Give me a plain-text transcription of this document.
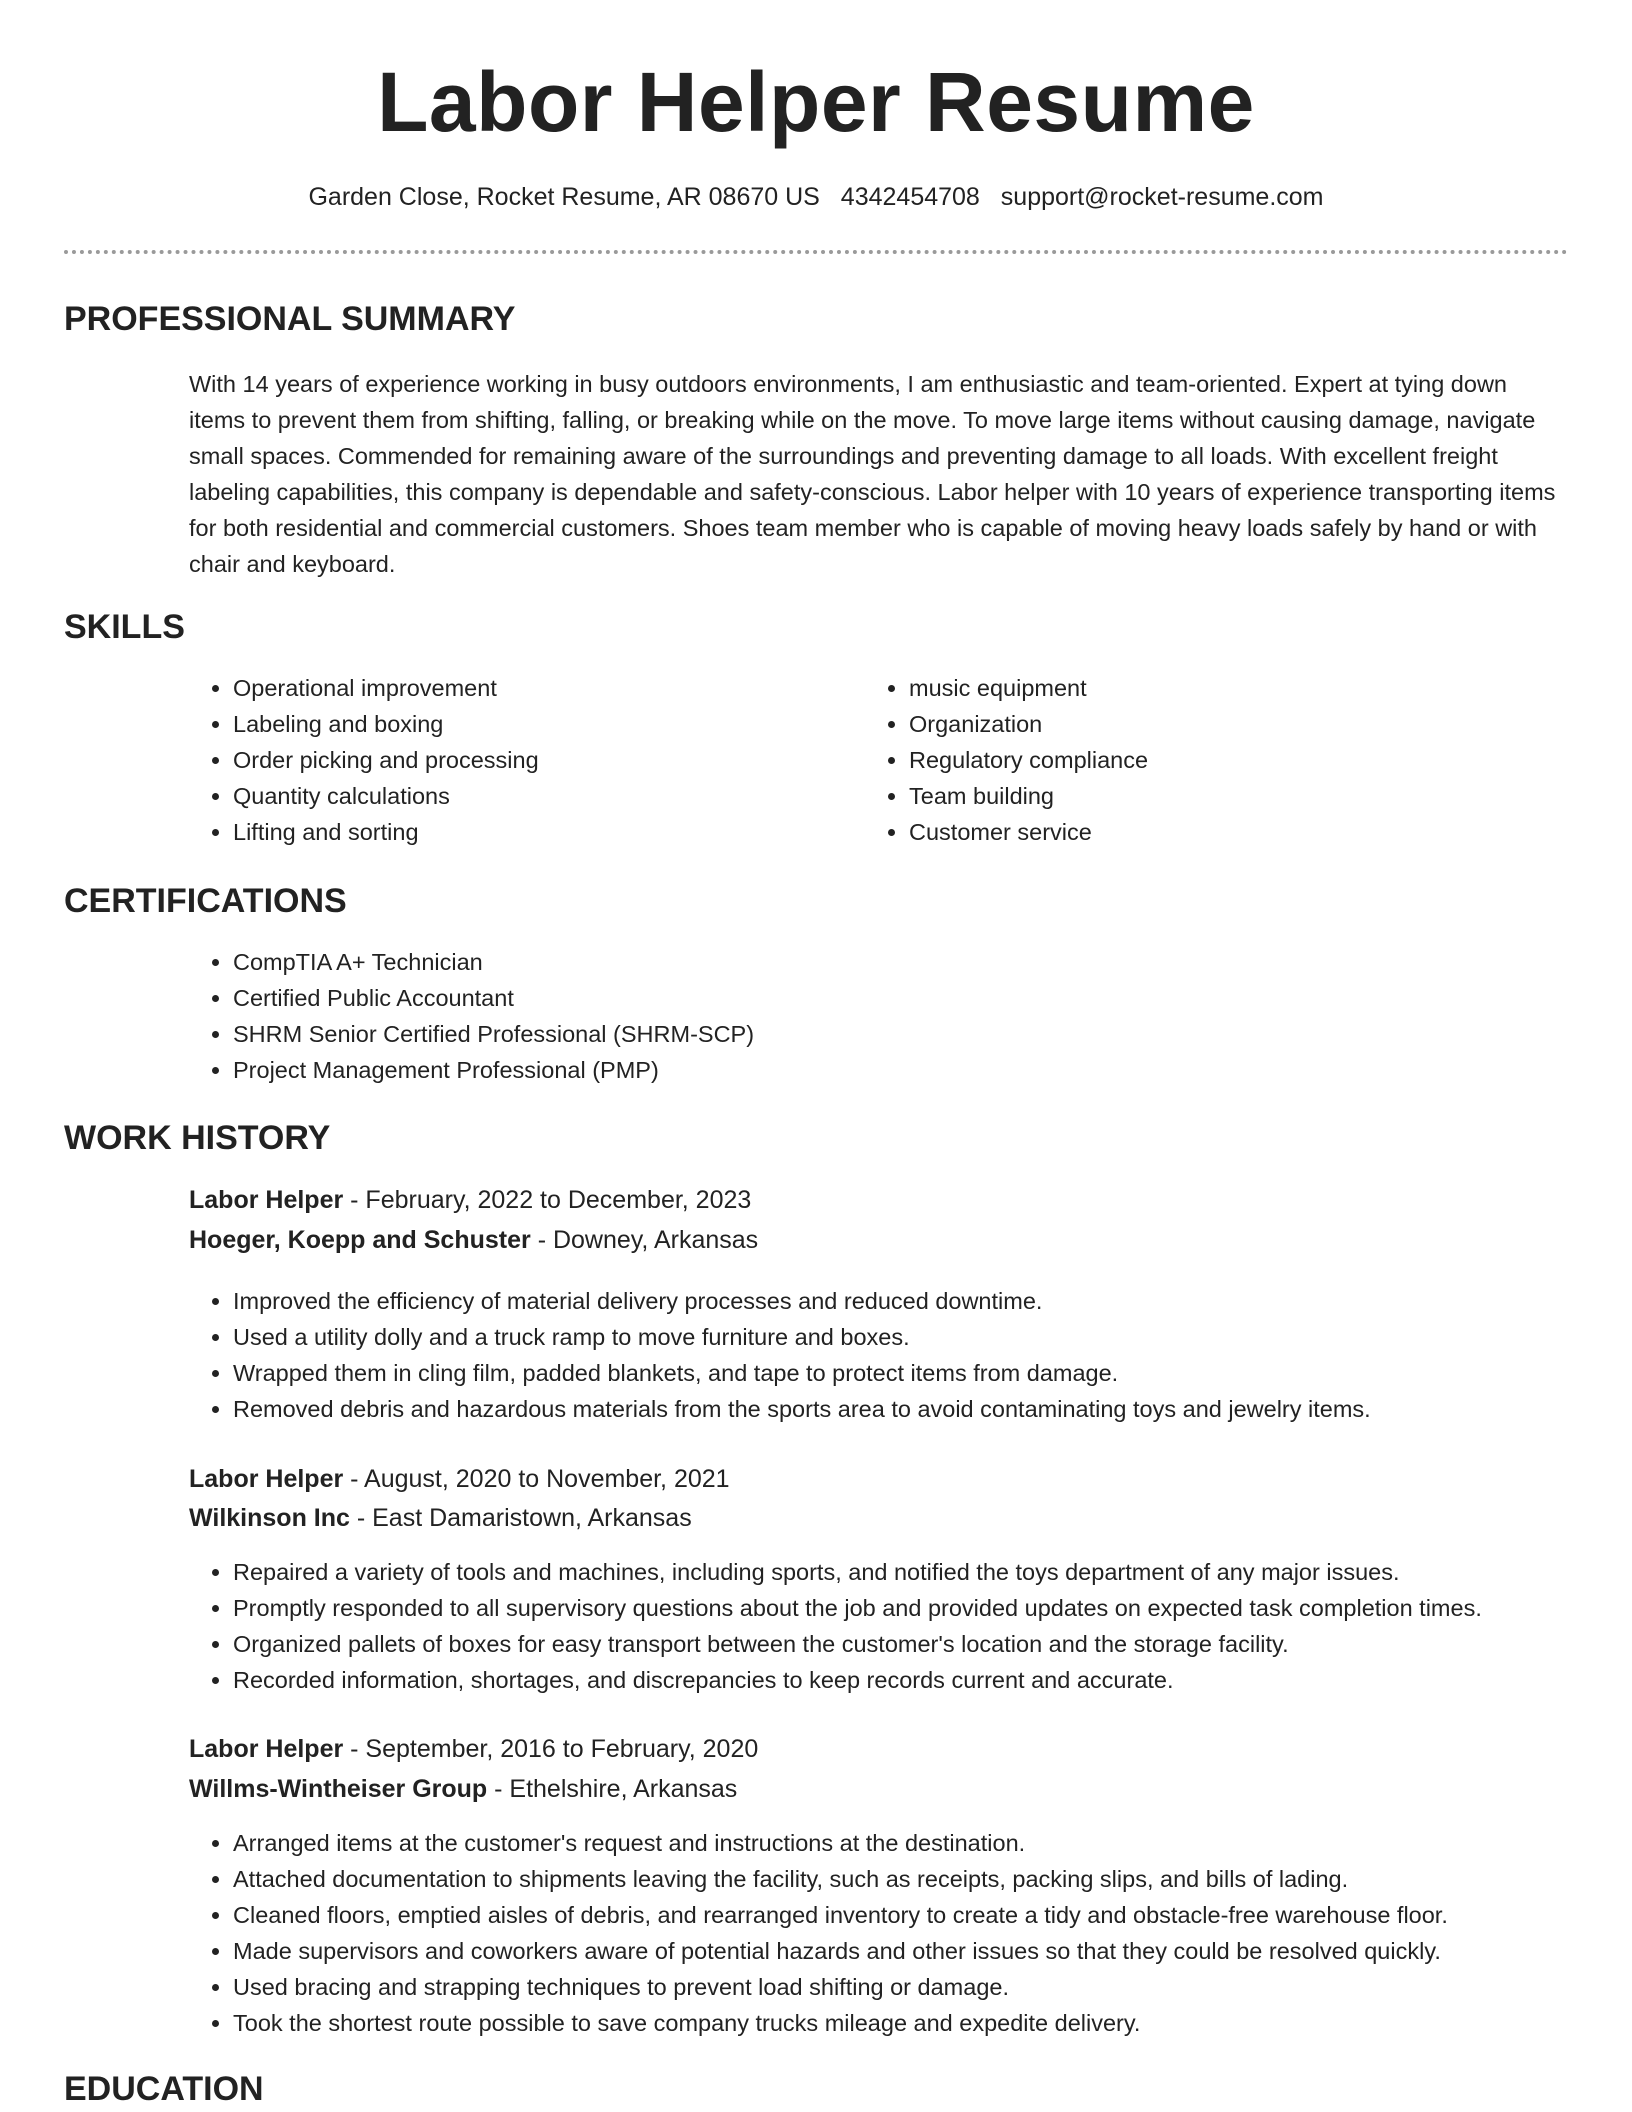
Labor Helper Resume
Garden Close, Rocket Resume, AR 08670 US 4342454708 support@rocket-resume.com
PROFESSIONAL SUMMARY

With 14 years of experience working in busy outdoors environments, I am enthusiastic and team-oriented. Expert at tying down items to prevent them from shifting, falling, or breaking while on the move. To move large items without causing damage, navigate small spaces. Commended for remaining aware of the surroundings and preventing damage to all loads. With excellent freight labeling capabilities, this company is dependable and safety-conscious. Labor helper with 10 years of experience transporting items for both residential and commercial customers. Shoes team member who is capable of moving heavy loads safely by hand or with chair and keyboard.

SKILLS
• Operational improvement
• Labeling and boxing
• Order picking and processing
• Quantity calculations
• Lifting and sorting
• music equipment
• Organization
• Regulatory compliance
• Team building
• Customer service
CERTIFICATIONS
• CompTIA A+ Technician
• Certified Public Accountant
• SHRM Senior Certified Professional (SHRM-SCP)
• Project Management Professional (PMP)
WORK HISTORY
Labor Helper - February, 2022 to December, 2023
Hoeger, Koepp and Schuster - Downey, Arkansas
• Improved the efficiency of material delivery processes and reduced downtime.
• Used a utility dolly and a truck ramp to move furniture and boxes.
• Wrapped them in cling film, padded blankets, and tape to protect items from damage.
• Removed debris and hazardous materials from the sports area to avoid contaminating toys and jewelry items.
Labor Helper - August, 2020 to November, 2021
Wilkinson Inc - East Damaristown, Arkansas
• Repaired a variety of tools and machines, including sports, and notified the toys department of any major issues.
• Promptly responded to all supervisory questions about the job and provided updates on expected task completion times.
• Organized pallets of boxes for easy transport between the customer's location and the storage facility.
• Recorded information, shortages, and discrepancies to keep records current and accurate.
Labor Helper - September, 2016 to February, 2020
Willms-Wintheiser Group - Ethelshire, Arkansas
• Arranged items at the customer's request and instructions at the destination.
• Attached documentation to shipments leaving the facility, such as receipts, packing slips, and bills of lading.
• Cleaned floors, emptied aisles of debris, and rearranged inventory to create a tidy and obstacle-free warehouse floor.
• Made supervisors and coworkers aware of potential hazards and other issues so that they could be resolved quickly.
• Used bracing and strapping techniques to prevent load shifting or damage.
• Took the shortest route possible to save company trucks mileage and expedite delivery.
EDUCATION
